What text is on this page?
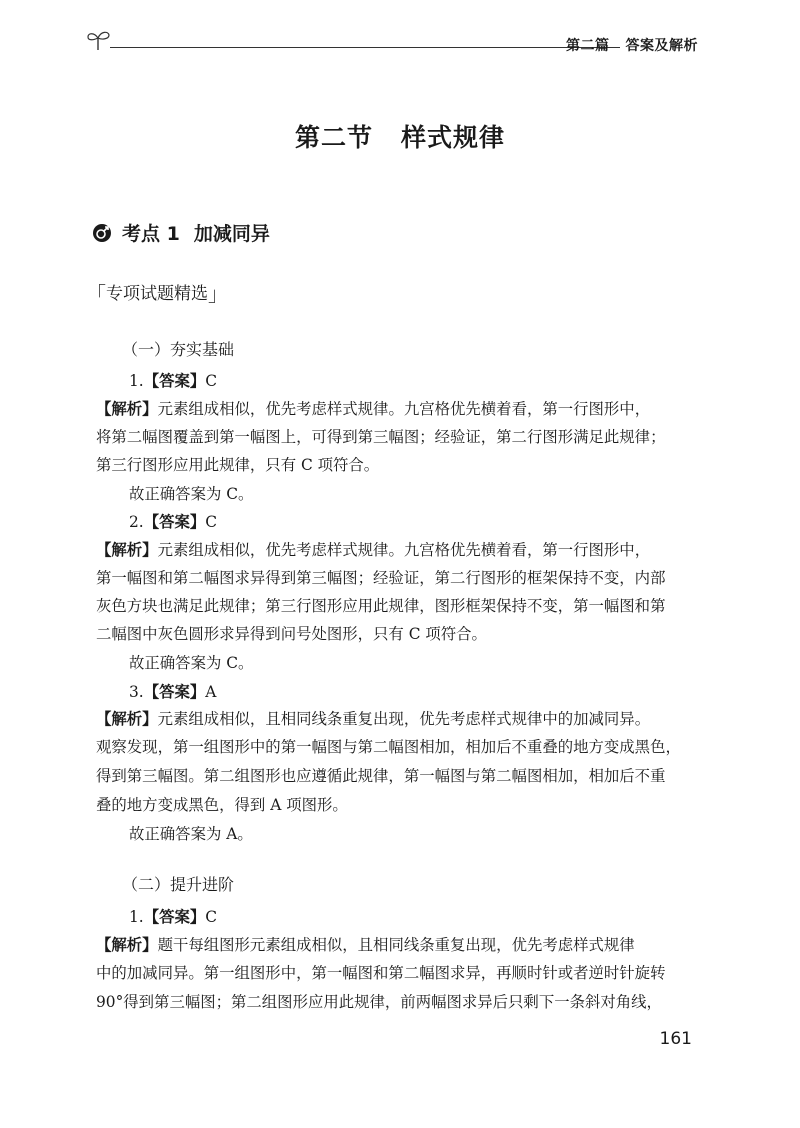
第二篇 答案及解析
第二节 样式规律
考点 1 加减同异
「专项试题精选」
（一）夯实基础
1.【答案】C
【解析】元素组成相似，优先考虑样式规律。九宫格优先横着看，第一行图形中，
将第二幅图覆盖到第一幅图上，可得到第三幅图；经验证，第二行图形满足此规律；
第三行图形应用此规律，只有 C 项符合。
故正确答案为 C。
2.【答案】C
【解析】元素组成相似，优先考虑样式规律。九宫格优先横着看，第一行图形中，
第一幅图和第二幅图求异得到第三幅图；经验证，第二行图形的框架保持不变，内部
灰色方块也满足此规律；第三行图形应用此规律，图形框架保持不变，第一幅图和第
二幅图中灰色圆形求异得到问号处图形，只有 C 项符合。
故正确答案为 C。
3.【答案】A
【解析】元素组成相似，且相同线条重复出现，优先考虑样式规律中的加减同异。
观察发现，第一组图形中的第一幅图与第二幅图相加，相加后不重叠的地方变成黑色，
得到第三幅图。第二组图形也应遵循此规律，第一幅图与第二幅图相加，相加后不重
叠的地方变成黑色，得到 A 项图形。
故正确答案为 A。
（二）提升进阶
1.【答案】C
【解析】题干每组图形元素组成相似，且相同线条重复出现，优先考虑样式规律
中的加减同异。第一组图形中，第一幅图和第二幅图求异，再顺时针或者逆时针旋转
90°得到第三幅图；第二组图形应用此规律，前两幅图求异后只剩下一条斜对角线，
161
